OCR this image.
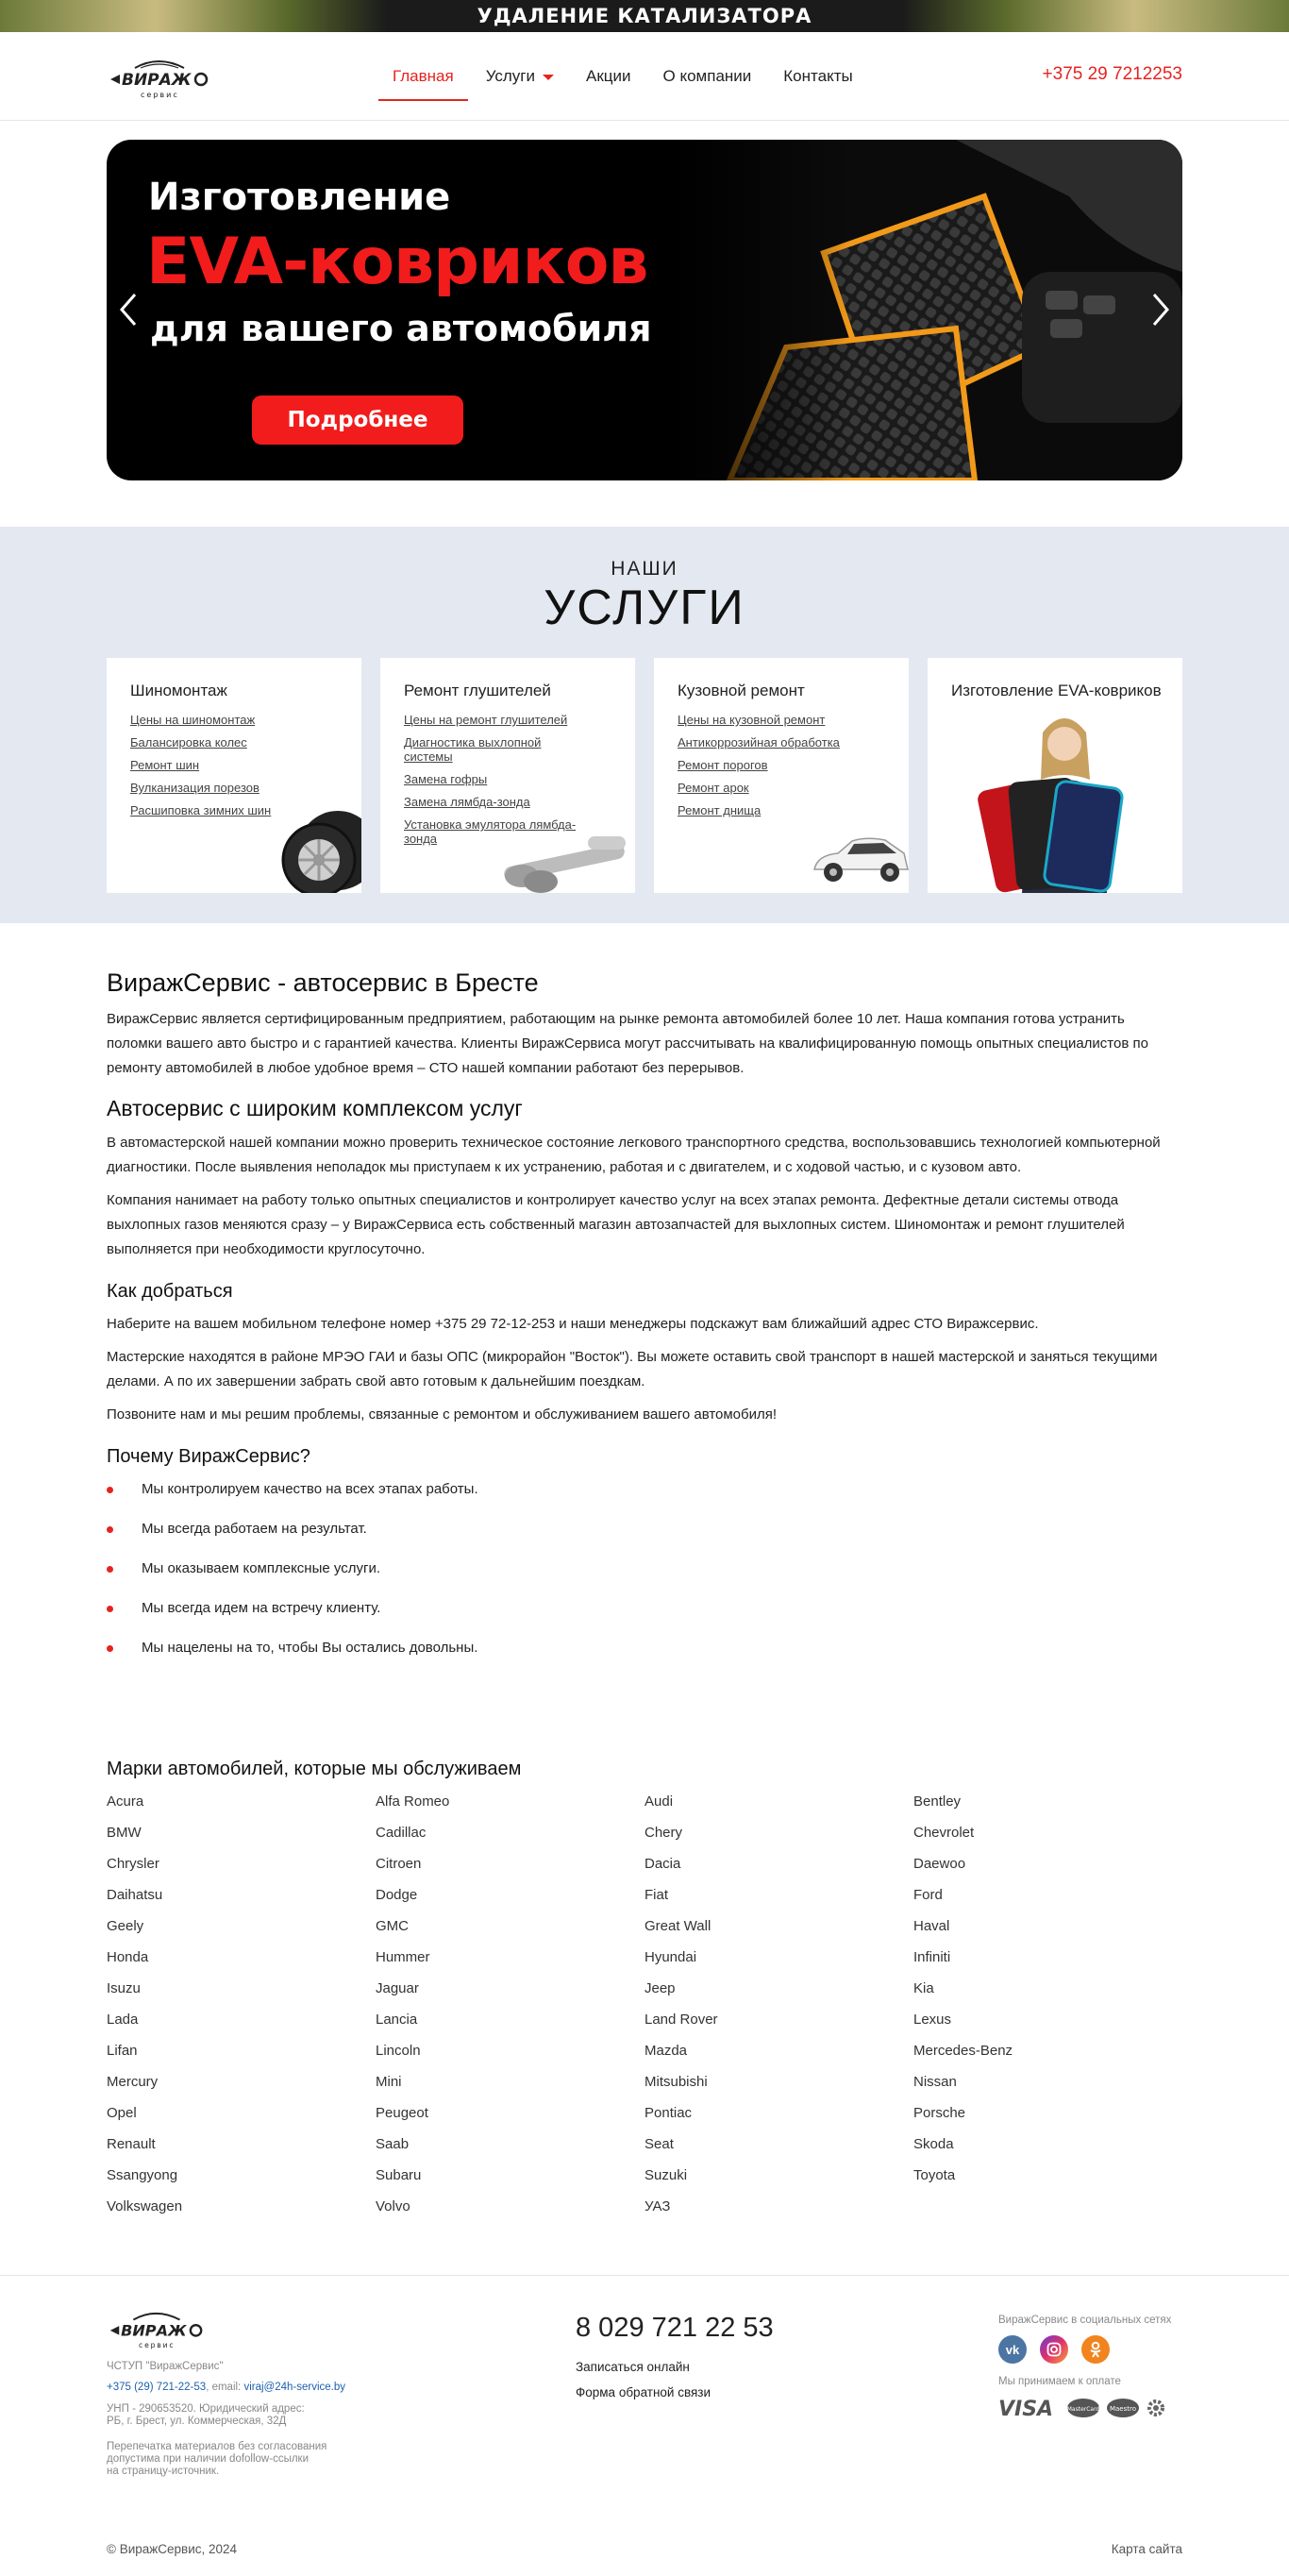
УДАЛЕНИЕ КАТАЛИЗАТОРА
ВИРАЖ
сервис
Главная Услуги	Акции О компании Контакты	+375 29 7212253
Изготовление
EVA-ковриков
для вашего автомобиля
Подробнее
НАШИ
УСЛУГИ
Шиномонтаж
Цены на шиномонтаж
Балансировка колес
Ремонт шин
Вулканизация порезов
Расшиповка зимних шин
Ремонт глушителей
Цены на ремонт глушителей
Диагностика выхлопной системы
Замена гофры
Замена лямбда-зонда
Установка эмулятора лямбда-зонда
Кузовной ремонт
Цены на кузовной ремонт
Антикоррозийная обработка
Ремонт порогов
Ремонт арок
Ремонт днища
Изготовление EVA-ковриков
ВиражСервис - автосервис в Бресте

ВиражСервис является сертифицированным предприятием, работающим на рынке ремонта автомобилей более 10 лет. Наша компания готова устранить поломки вашего авто быстро и с гарантией качества. Клиенты ВиражСервиса могут рассчитывать на квалифицированную помощь опытных специалистов по ремонту автомобилей в любое удобное время – СТО нашей компании работают без перерывов.

Автосервис с широким комплексом услуг

В автомастерской нашей компании можно проверить техническое состояние легкового транспортного средства, воспользовавшись технологией компьютерной диагностики. После выявления неполадок мы приступаем к их устранению, работая и с двигателем, и с ходовой частью, и с кузовом авто.

Компания нанимает на работу только опытных специалистов и контролирует качество услуг на всех этапах ремонта. Дефектные детали системы отвода выхлопных газов меняются сразу – у ВиражСервиса есть собственный магазин автозапчастей для выхлопных систем. Шиномонтаж и ремонт глушителей выполняется при необходимости круглосуточно.

Как добраться

Наберите на вашем мобильном телефоне номер +375 29 72-12-253 и наши менеджеры подскажут вам ближайший адрес СТО Виражсервис.

Мастерские находятся в районе МРЭО ГАИ и базы ОПС (микрорайон "Восток"). Вы можете оставить свой транспорт в нашей мастерской и заняться текущими делами. А по их завершении забрать свой авто готовым к дальнейшим поездкам.

Позвоните нам и мы решим проблемы, связанные с ремонтом и обслуживанием вашего автомобиля!

Почему ВиражСервис?
Мы контролируем качество на всех этапах работы.
Мы всегда работаем на результат.
Мы оказываем комплексные услуги.
Мы всегда идем на встречу клиенту.
Мы нацелены на то, чтобы Вы остались довольны.
Марки автомобилей, которые мы обслуживаем
Acura	Alfa Romeo	Audi	Bentley
BMW	Cadillac	Chery	Chevrolet
Chrysler	Citroen	Dacia	Daewoo
Daihatsu	Dodge	Fiat	Ford
Geely	GMC	Great Wall	Haval
Honda	Hummer	Hyundai	Infiniti
Isuzu	Jaguar	Jeep	Kia
Lada	Lancia	Land Rover	Lexus
Lifan	Lincoln	Mazda	Mercedes-Benz
Mercury	Mini	Mitsubishi	Nissan
Opel	Peugeot	Pontiac	Porsche
Renault	Saab	Seat	Skoda
Ssangyong	Subaru	Suzuki	Toyota
Volkswagen	Volvo	УАЗ
ВИРАЖ
сервис
ЧСТУП "ВиражСервис"
+375 (29) 721-22-53, email: viraj@24h-service.by
УНП - 290653520. Юридический адрес:
РБ, г. Брест, ул. Коммерческая, 32Д
Перепечатка материалов без согласования
допустима при наличии dofollow-ссылки
на страницу-источник.
8 029 721 22 53
Записаться онлайн
Форма обратной связи
ВиражСервис в социальных сетях
vk
Мы принимаем к оплате
VISA MasterCard Maestro
© ВиражСервис, 2024	Карта сайта
